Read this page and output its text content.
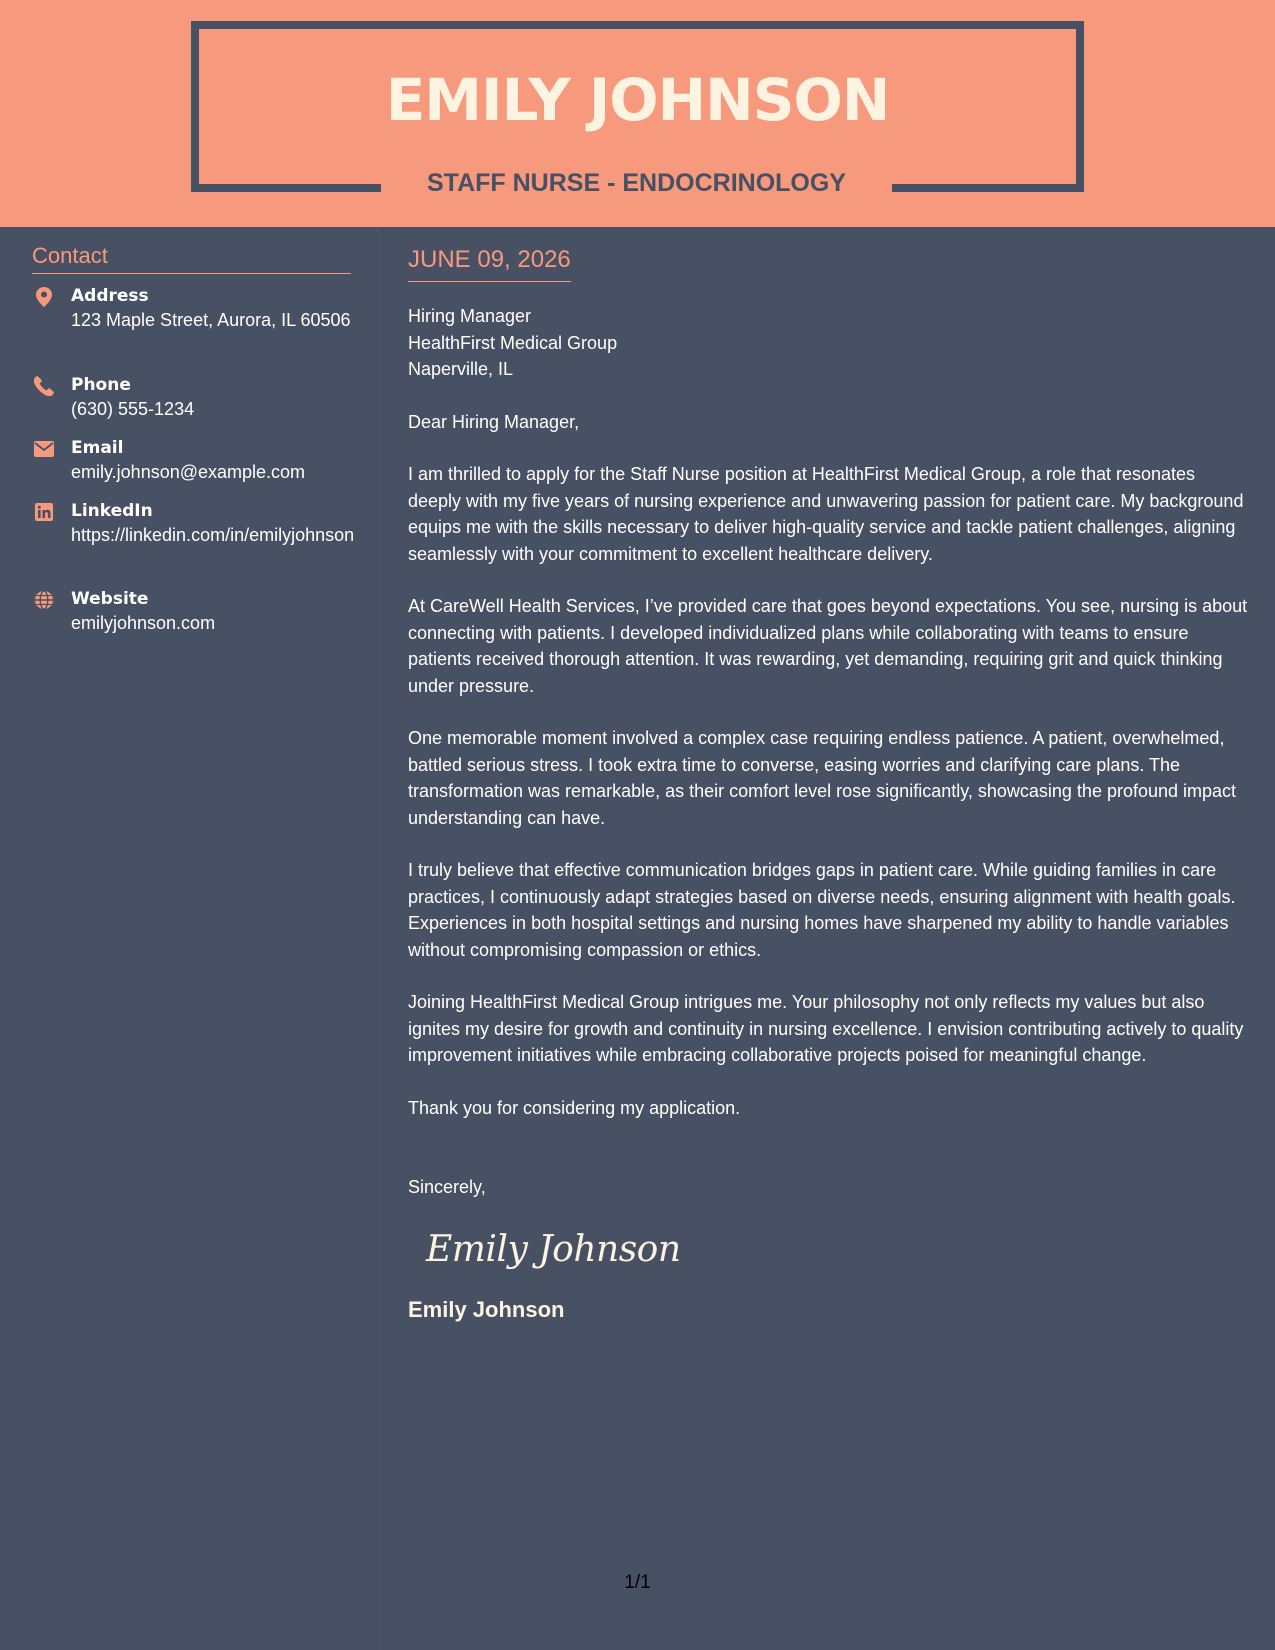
EMILY JOHNSON
STAFF NURSE - ENDOCRINOLOGY
Contact
Address
123 Maple Street, Aurora, IL 60506
Phone
(630) 555-1234
Email
emily.johnson@example.com
LinkedIn
https://linkedin.com/in/emilyjohnson
Website
emilyjohnson.com
JUNE 09, 2026
Hiring Manager
HealthFirst Medical Group
Naperville, IL
Dear Hiring Manager,
I am thrilled to apply for the Staff Nurse position at HealthFirst Medical Group, a role that resonates deeply with my five years of nursing experience and unwavering passion for patient care. My background equips me with the skills necessary to deliver high-quality service and tackle patient challenges, aligning seamlessly with your commitment to excellent healthcare delivery.
At CareWell Health Services, I’ve provided care that goes beyond expectations. You see, nursing is about connecting with patients. I developed individualized plans while collaborating with teams to ensure patients received thorough attention. It was rewarding, yet demanding, requiring grit and quick thinking under pressure.
One memorable moment involved a complex case requiring endless patience. A patient, overwhelmed, battled serious stress. I took extra time to converse, easing worries and clarifying care plans. The transformation was remarkable, as their comfort level rose significantly, showcasing the profound impact understanding can have.
I truly believe that effective communication bridges gaps in patient care. While guiding families in care practices, I continuously adapt strategies based on diverse needs, ensuring alignment with health goals. Experiences in both hospital settings and nursing homes have sharpened my ability to handle variables without compromising compassion or ethics.
Joining HealthFirst Medical Group intrigues me. Your philosophy not only reflects my values but also ignites my desire for growth and continuity in nursing excellence. I envision contributing actively to quality improvement initiatives while embracing collaborative projects poised for meaningful change.
Thank you for considering my application.
Sincerely,
Emily Johnson
Emily Johnson
1/1
